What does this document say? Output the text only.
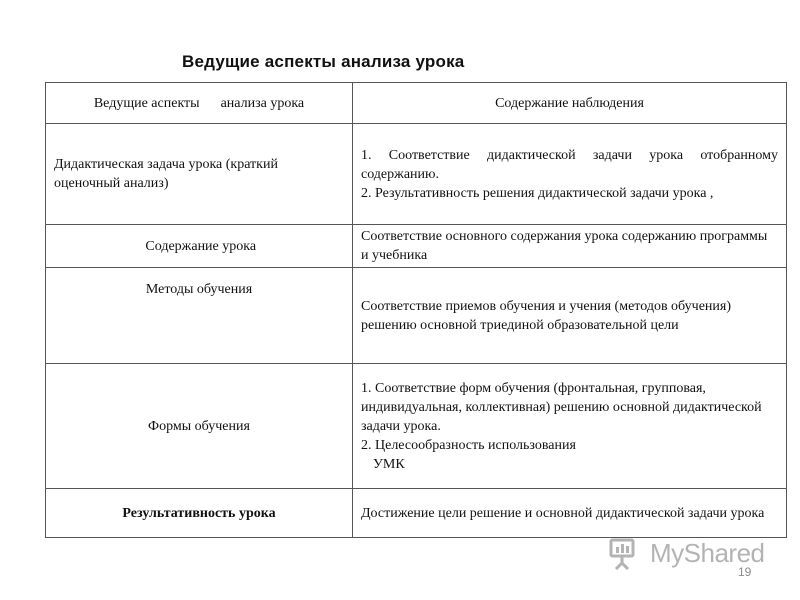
Ведущие аспекты анализа урока
Ведущие аспекты      анализа урока	Содержание наблюдения
Дидактическая задача урока (краткий оценочный анализ)	1. Соответствие дидактической задачи урока отобранному содержанию.
2. Результативность решения дидактической задачи урока ,

Содержание урока	Соответствие основного содержания урока содержанию программы и учебника

Методы обучения	Соответствие приемов обучения и учения (методов обучения) решению основной триединой образовательной цели

Формы обучения	1. Соответствие форм обучения (фронтальная, групповая, индивидуальная, коллективная) решению основной дидактической задачи урока.
2. Целесообразность использования
УМК

Результативность урока	Достижение цели решение и основной дидактической задачи урока
MyShared
19
